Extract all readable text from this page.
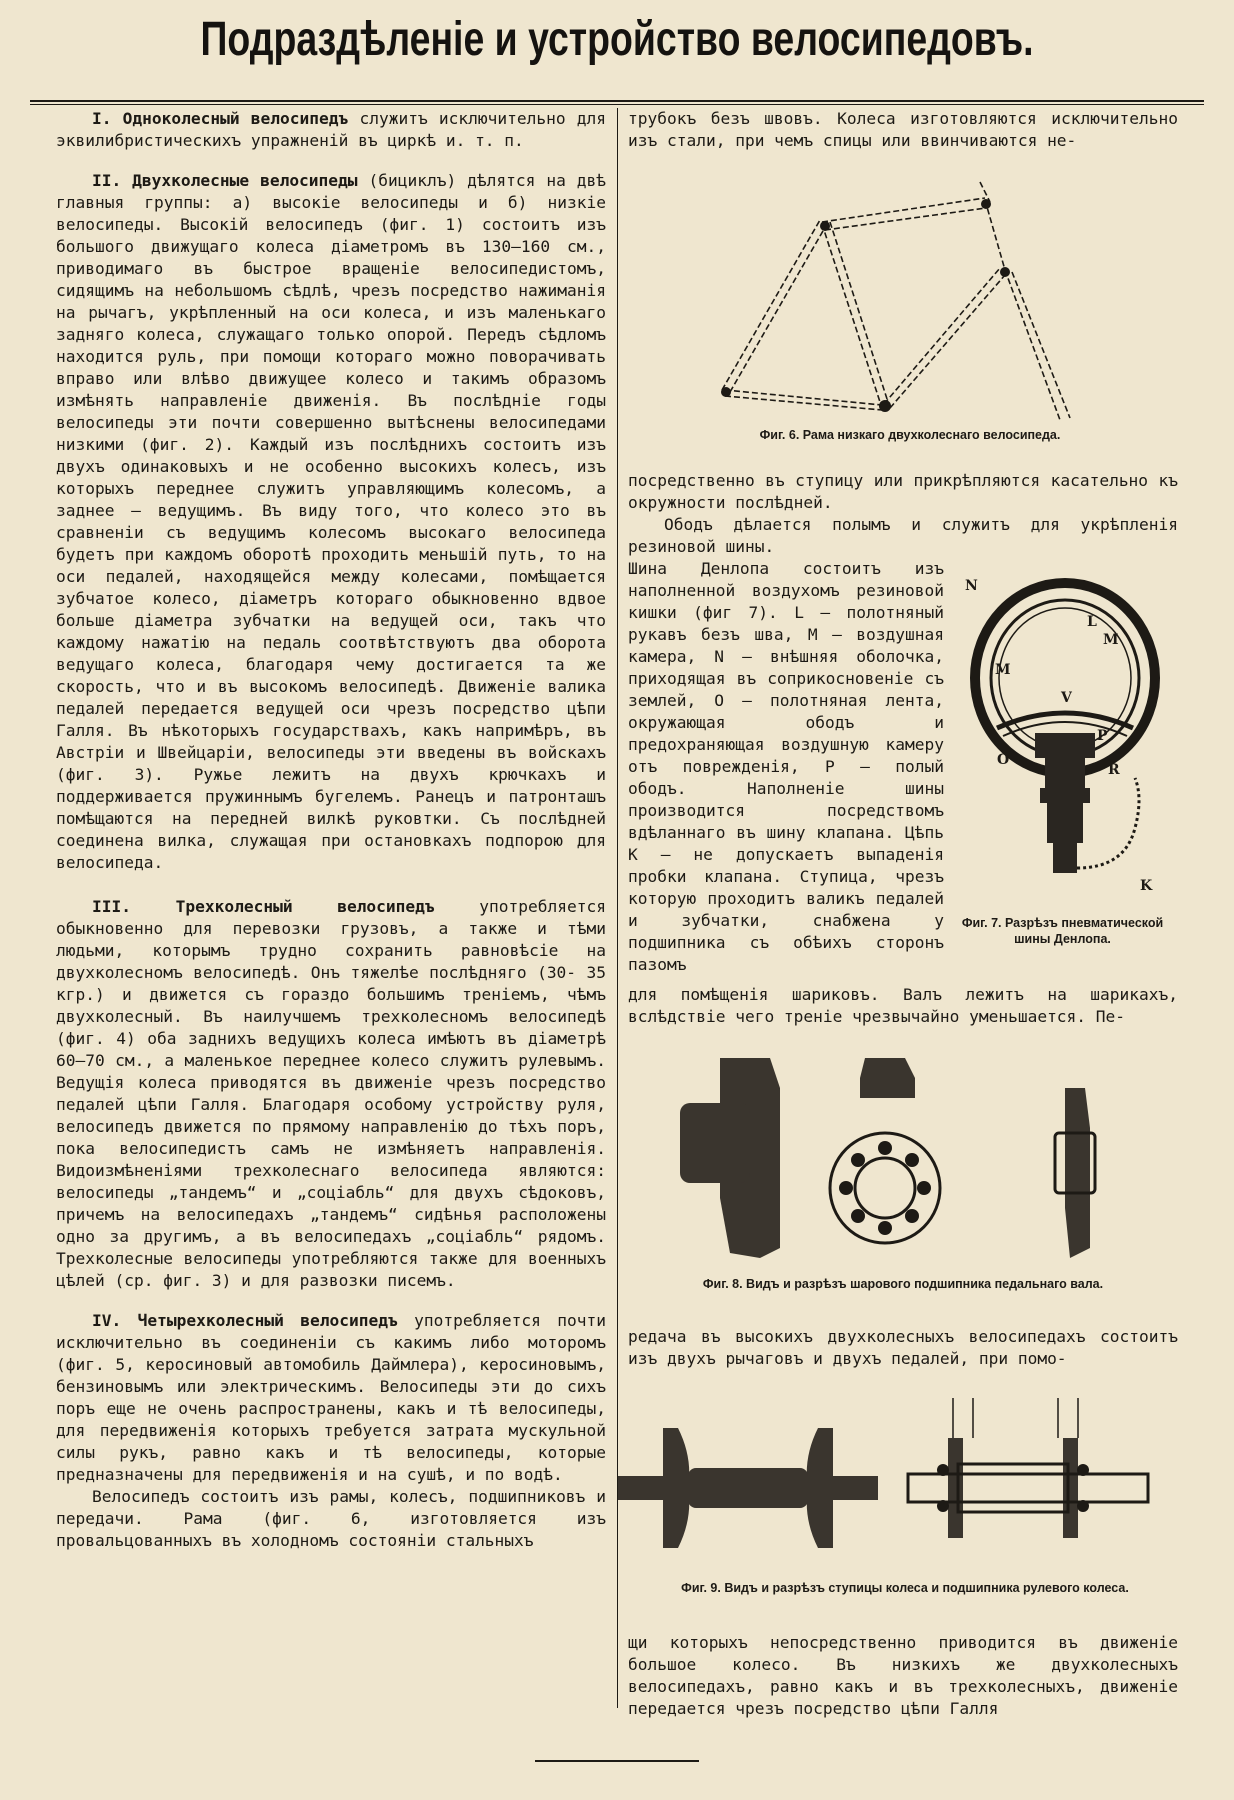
Подраздѣленіе и устройство велосипедовъ.

I. Одноколесный велосипедъ служитъ исключительно для эквилибристическихъ упражненій въ циркѣ и. т. п.

II. Двухколесные велосипеды (бициклъ) дѣлятся на двѣ главныя группы: а) высокіе велосипеды и б) низкіе велосипеды. Высокій велосипедъ (фиг. 1) состоитъ изъ большого движущаго колеса діаметромъ въ 130—160 см., приводимаго въ быстрое вращеніе велосипедистомъ, сидящимъ на небольшомъ сѣдлѣ, чрезъ посредство нажиманія на рычагъ, укрѣпленный на оси колеса, и изъ маленькаго задняго колеса, служащаго только опорой. Передъ сѣдломъ находится руль, при помощи котораго можно поворачивать вправо или влѣво движущее колесо и такимъ образомъ измѣнять направленіе движенія. Въ послѣдніе годы велосипеды эти почти совершенно вытѣснены велосипедами низкими (фиг. 2). Каждый изъ послѣднихъ состоитъ изъ двухъ одинаковыхъ и не особенно высокихъ колесъ, изъ которыхъ переднее служитъ управляющимъ колесомъ, а заднее — ведущимъ. Въ виду того, что колесо это въ сравненіи съ ведущимъ колесомъ высокаго велосипеда будетъ при каждомъ оборотѣ проходить меньшій путь, то на оси педалей, находящейся между колесами, помѣщается зубчатое колесо, діаметръ котораго обыкновенно вдвое больше діаметра зубчатки на ведущей оси, такъ что каждому нажатію на педаль соотвѣтствуютъ два оборота ведущаго колеса, благодаря чему достигается та же скорость, что и въ высокомъ велосипедѣ. Движеніе валика педалей передается ведущей оси чрезъ посредство цѣпи Галля. Въ нѣкоторыхъ государствахъ, какъ напримѣръ, въ Австріи и Швейцаріи, велосипеды эти введены въ войскахъ (фиг. 3). Ружье лежитъ на двухъ крючкахъ и поддерживается пружиннымъ бугелемъ. Ранецъ и патронташъ помѣщаются на передней вилкѣ руковтки. Съ послѣдней соединена вилка, служащая при остановкахъ подпорою для велосипеда.

III. Трехколесный велосипедъ	употребляется обыкновенно для перевозки грузовъ, а также и тѣми людьми, которымъ трудно сохранить равновѣсіе на двухколесномъ велосипедѣ. Онъ тяжелѣе послѣдняго (30- 35 кгр.) и движется съ гораздо большимъ треніемъ, чѣмъ двухколесный. Въ наилучшемъ трехколесномъ велосипедѣ (фиг. 4) оба заднихъ ведущихъ колеса имѣютъ въ діаметрѣ 60—70 см., а маленькое переднее колесо служитъ рулевымъ. Ведущія колеса приводятся въ движеніе чрезъ посредство педалей цѣпи Галля. Благодаря особому устройству руля, велосипедъ движется по прямому направленію до тѣхъ поръ, пока велосипедистъ самъ не измѣняетъ направленія. Видоизмѣненіями трехколеснаго велосипеда являются: велосипеды „тандемъ“ и „соціабль“ для двухъ сѣдоковъ, причемъ на велосипедахъ „тандемъ“ сидѣнья расположены одно за другимъ, а въ велосипедахъ „соціабль“ рядомъ. Трехколесные велосипеды употребляются также для военныхъ цѣлей (ср. фиг. 3) и для развозки писемъ.

IV. Четырехколесный велосипедъ употребляется почти исключительно въ соединеніи съ какимъ либо моторомъ (фиг. 5, керосиновый автомобиль Даймлера), керосиновымъ, бензиновымъ или электрическимъ. Велосипеды эти до сихъ поръ еще не очень распространены, какъ и тѣ велосипеды, для передвиженія которыхъ требуется затрата мускульной силы рукъ, равно какъ и тѣ велосипеды, которые предназначены для передвиженія и на сушѣ, и по водѣ.

Велосипедъ состоитъ изъ рамы, колесъ, подшипниковъ и передачи. Рама (фиг. 6, изготовляется изъ провальцованныхъ въ холодномъ состояніи стальныхъ

трубокъ безъ швовъ. Колеса изготовляются исключительно изъ стали, при чемъ спицы или ввинчиваются не-

Фиг. 6. Рама низкаго двухколеснаго велосипеда.

посредственно въ ступицу или прикрѣпляются касательно къ окружности послѣдней.

Ободъ дѣлается полымъ и служитъ для укрѣпленія резиновой шины.

Шина Денлопа состоитъ изъ наполненной воздухомъ резиновой кишки (фиг 7). L — полотняный рукавъ безъ шва, M — воздушная камера, N — внѣшняя оболочка, приходящая въ соприкосновеніе съ землей, O — полотняная лента, окружающая ободъ и предохраняющая воздушную камеру отъ поврежденія, P — полый ободъ. Наполненіе шины производится посредствомъ вдѣланнаго въ шину клапана. Цѣпь K — не допускаетъ выпаденія пробки клапана. Ступица, чрезъ которую проходитъ валикъ педалей и зубчатки, снабжена у подшипника съ обѣихъ сторонъ пазомъ

N
L
M
M
V
P
O
R
K
Фиг. 7. Разрѣзъ пневматической шины Денлопа.

для помѣщенія шариковъ. Валъ лежитъ на шарикахъ, вслѣдствіе чего треніе чрезвычайно уменьшается. Пе-

Фиг. 8. Видъ и разрѣзъ шарового подшипника педальнаго вала.

редача въ высокихъ двухколесныхъ велосипедахъ состоитъ изъ двухъ рычаговъ и двухъ педалей, при помо-

Фиг. 9. Видъ и разрѣзъ ступицы колеса и подшипника рулевого колеса.

щи которыхъ непосредственно приводится въ движеніе большое колесо. Въ низкихъ же двухколесныхъ велосипедахъ, равно какъ и въ трехколесныхъ, движеніе передается чрезъ посредство цѣпи Галля
